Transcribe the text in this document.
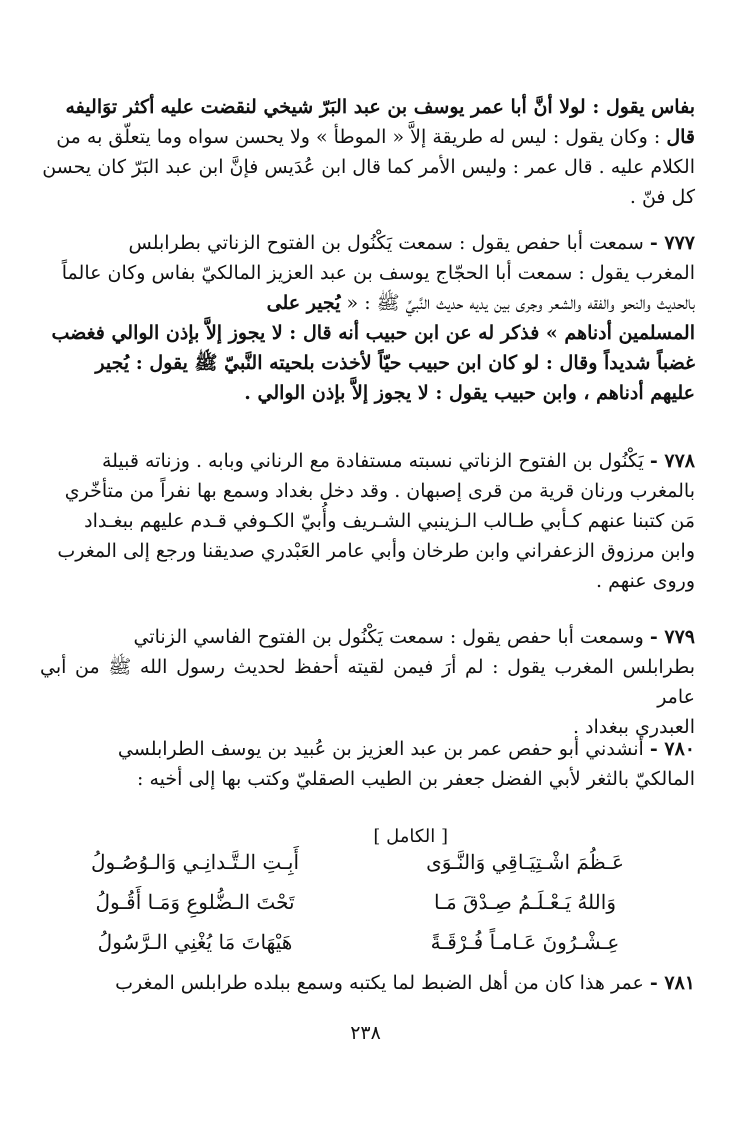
بفاس يقول : لولا أنَّ أبا عمر يوسف بن عبد البَرّ شيخي لنقضت عليه أكثر توَاليفه

قال : وكان يقول : ليس له طريقة إلاَّ « الموطأ » ولا يحسن سواه وما يتعلّق به من

الكلام عليه . قال عمر : وليس الأمر كما قال ابن عُدَيس فإنَّ ابن عبد البَرّ كان يحسن

كل فنّ .

٧٧٧ - سمعت أبا حفص يقول : سمعت يَكْنُول بن الفتوح الزناتي بطرابلس

المغرب يقول : سمعت أبا الحجّاج يوسف بن عبد العزيز المالكيّ بفاس وكان عالماً

بالحديث والنحو والفقه والشعر وجرى بين يديه حديث النَّبيِّ ﷺ : « يُجير على

المسلمين أدناهم » فذكر له عن ابن حبيب أنه قال : لا يجوز إلاَّ بإذن الوالي فغضب

غضباً شديداً وقال : لو كان ابن حبيب حيّاً لأخذت بلحيته النَّبيّ ﷺ يقول : يُجير

عليهم أدناهم ، وابن حبيب يقول : لا يجوز إلاَّ بإذن الوالي .

٧٧٨ - يَكْنُول بن الفتوح الزناتي نسبته مستفادة مع الرناني وبابه . وزناته قبيلة

بالمغرب ورنان قرية من قرى إصبهان . وقد دخل بغداد وسمع بها نفراً من متأخّري

مَن كتبنا عنهم كـأبي طـالب الـزينبي الشـريف وأُبيّ الكـوفي قـدم عليهم ببغـداد

وابن مرزوق الزعفراني وابن طرخان وأبي عامر العَبْدري صديقنا ورجع إلى المغرب

وروى عنهم .

٧٧٩ - وسمعت أبا حفص يقول : سمعت يَكْنُول بن الفتوح الفاسي الزناتي

بطرابلس المغرب يقول : لم أرَ فيمن لقيته أحفظ لحديث رسول الله ﷺ من أبي عامر

العبدري ببغداد .

٧٨٠ - أنشدني أبو حفص عمر بن عبد العزيز بن عُبيد بن يوسف الطرابلسي

المالكيّ بالثغر لأبي الفضل جعفر بن الطيب الصقليّ وكتب بها إلى أخيه :

[ الكامل ]
عَـظُمَ اشْـتِيَـاقِي وَالنَّـوَى
أَبِـتِ الـتَّـدانِـي وَالـوُصُـولُ
وَاللهُ يَـعْـلَـمُ صِـدْقَ مَـا
تَحْتَ الـضُّلوعِ وَمَـا أَقُـولُ
عِـشْـرُونَ عَـامـاً فُـرْقَـةً
هَيْهَاتَ مَا يُغْنِي الـرَّسُولُ

٧٨١ - عمر هذا كان من أهل الضبط لما يكتبه وسمع ببلده طرابلس المغرب

٢٣٨
